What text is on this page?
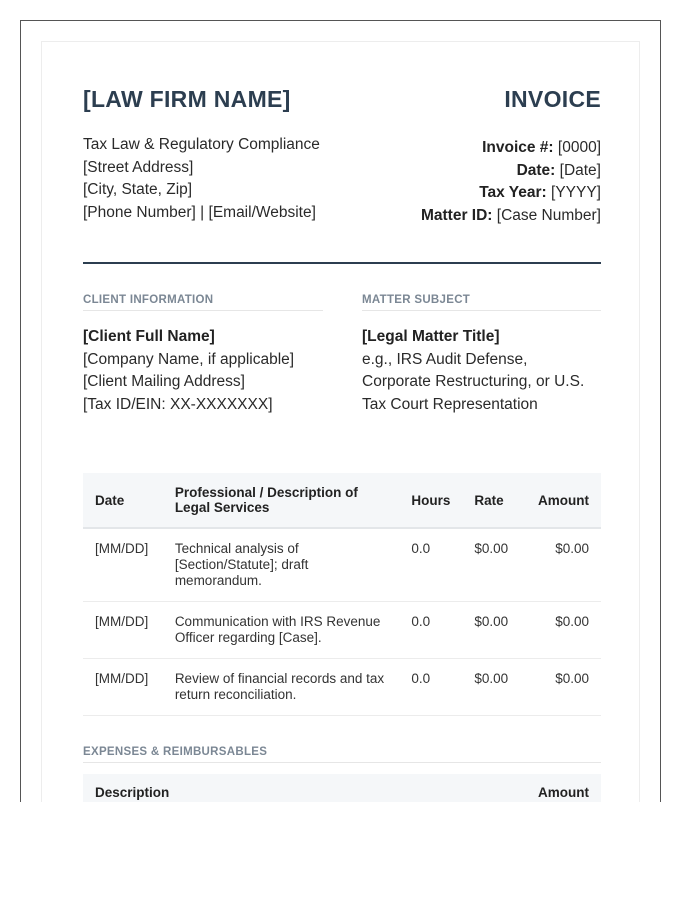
[LAW FIRM NAME]	INVOICE
Tax Law & Regulatory Compliance
[Street Address]
[City, State, Zip]
[Phone Number] | [Email/Website]
Invoice #: [0000]
Date: [Date]
Tax Year: [YYYY]
Matter ID: [Case Number]
CLIENT INFORMATION
[Client Full Name]
[Company Name, if applicable]
[Client Mailing Address]
[Tax ID/EIN: XX-XXXXXXX]
MATTER SUBJECT
[Legal Matter Title]
e.g., IRS Audit Defense,
Corporate Restructuring, or U.S.
Tax Court Representation
Date	Professional / Description of Legal Services	Hours	Rate	Amount
[MM/DD]	Technical analysis of [Section/Statute]; draft memorandum.	0.0	$0.00	$0.00
[MM/DD]	Communication with IRS Revenue Officer regarding [Case].	0.0	$0.00	$0.00
[MM/DD]	Review of financial records and tax return reconciliation.	0.0	$0.00	$0.00
EXPENSES & REIMBURSABLES
Description	Amount
